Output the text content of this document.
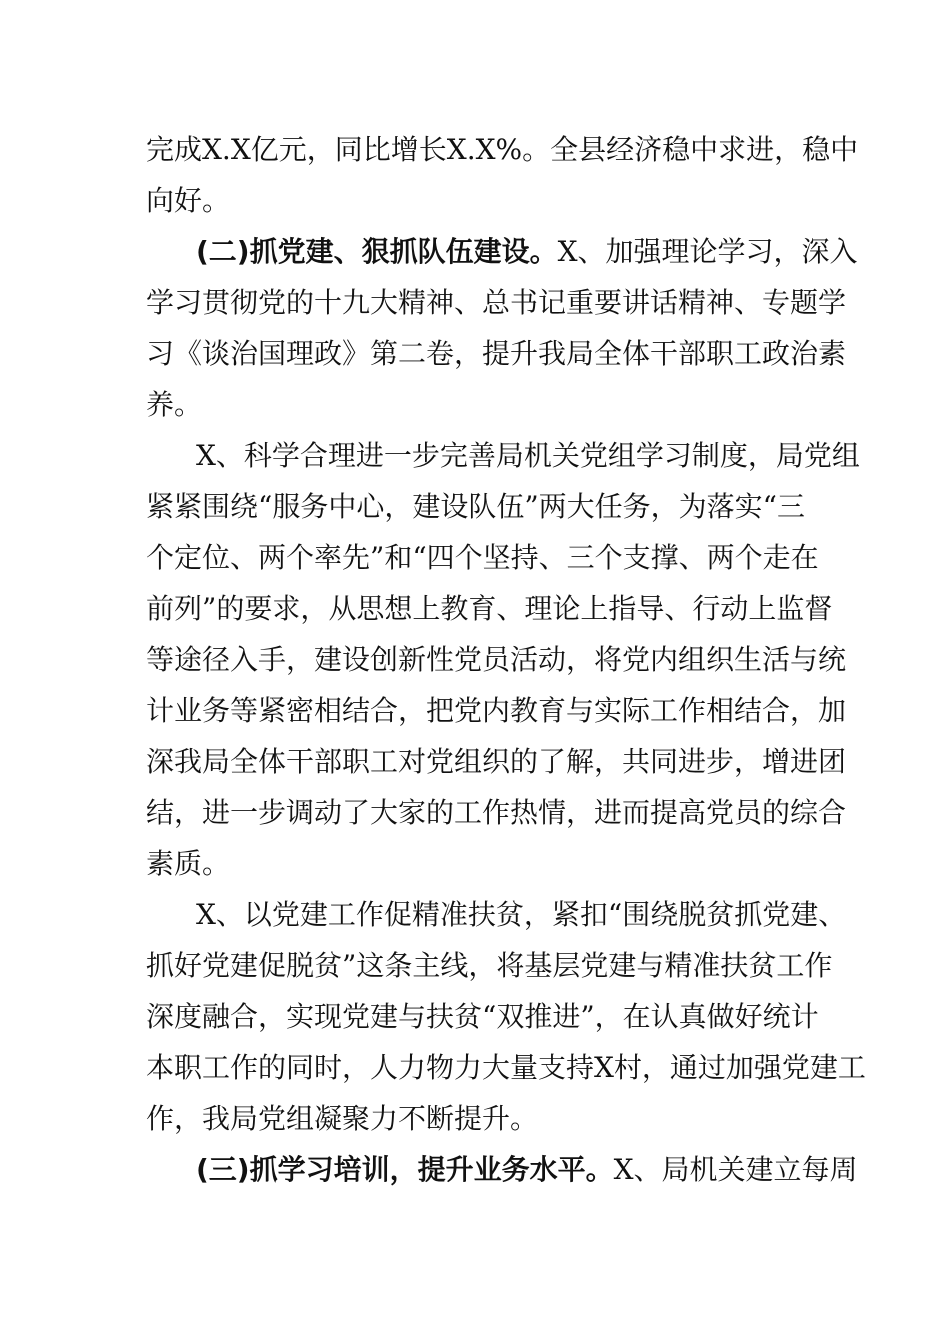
完成X.X亿元，同比增长X.X%。全县经济稳中求进，稳中
向好。
(二)抓党建、狠抓队伍建设。X、加强理论学习，深入
学习贯彻党的十九大精神、总书记重要讲话精神、专题学
习《谈治国理政》第二卷，提升我局全体干部职工政治素
养。
X、科学合理进一步完善局机关党组学习制度，局党组
紧紧围绕“服务中心，建设队伍”两大任务，为落实“三
个定位、两个率先”和“四个坚持、三个支撑、两个走在
前列”的要求，从思想上教育、理论上指导、行动上监督
等途径入手，建设创新性党员活动，将党内组织生活与统
计业务等紧密相结合，把党内教育与实际工作相结合，加
深我局全体干部职工对党组织的了解，共同进步，增进团
结，进一步调动了大家的工作热情，进而提高党员的综合
素质。
X、以党建工作促精准扶贫，紧扣“围绕脱贫抓党建、
抓好党建促脱贫”这条主线，将基层党建与精准扶贫工作
深度融合，实现党建与扶贫“双推进”，在认真做好统计
本职工作的同时，人力物力大量支持X村，通过加强党建工
作，我局党组凝聚力不断提升。
(三)抓学习培训，提升业务水平。X、局机关建立每周
